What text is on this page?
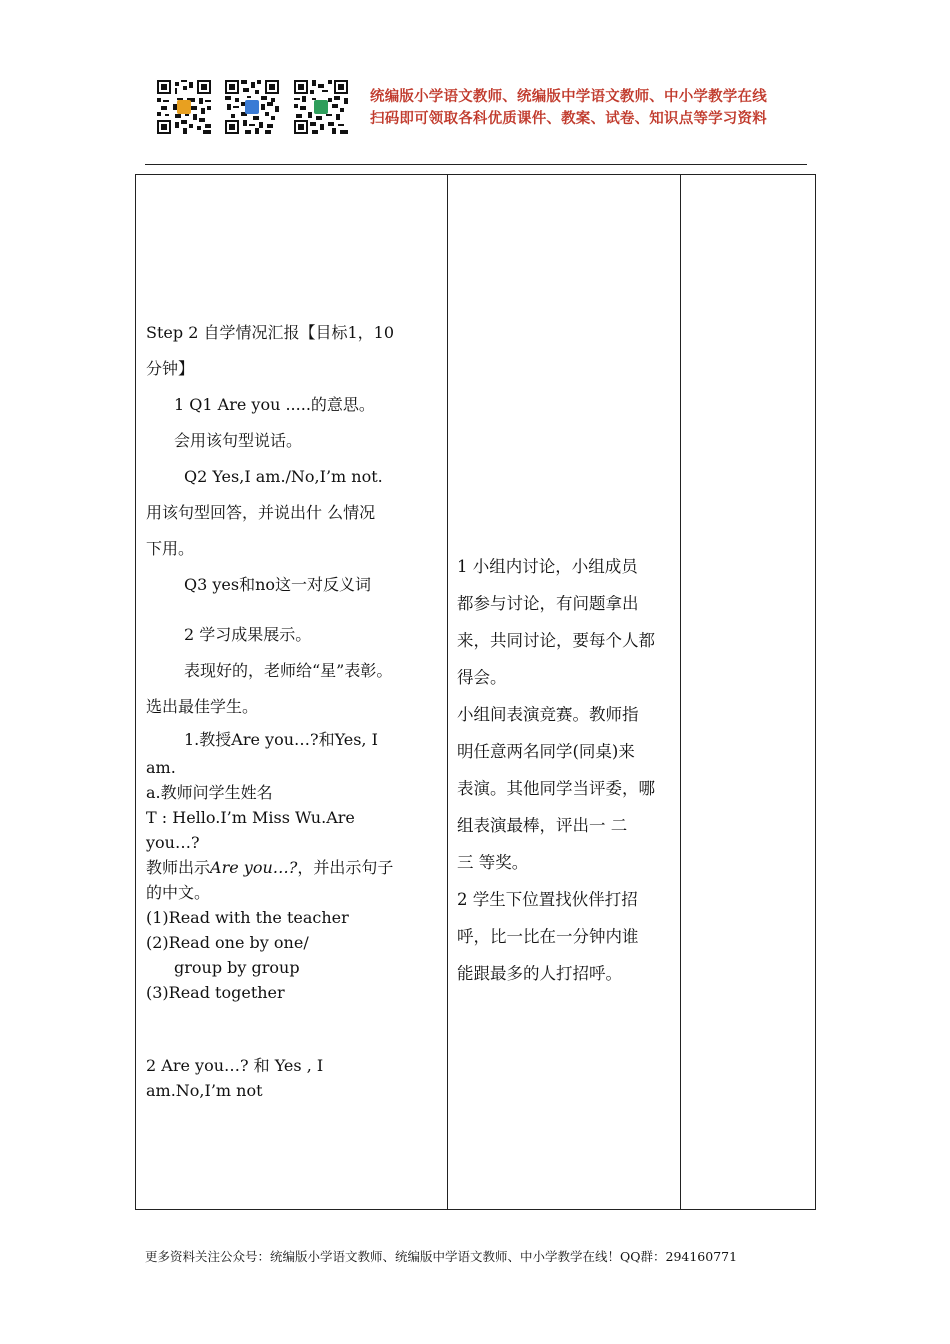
统编版小学语文教师、统编版中学语文教师、中小学教学在线
扫码即可领取各科优质课件、教案、试卷、知识点等学习资料
Step 2 自学情况汇报【目标1，10
分钟】
1 Q1 Are you .....的意思。
会用该句型说话。
Q2 Yes,I am./No,I’m not.
用该句型回答，并说出什 么情况
下用。
Q3 yes和no这一对反义词
2 学习成果展示。
表现好的，老师给“星”表彰。
选出最佳学生。
1.教授Are you…?和Yes, I
am.
a.教师问学生姓名
T : Hello.I’m Miss Wu.Are
you…?
教师出示Are you…?，并出示句子
的中文。
(1)Read with the teacher
(2)Read one by one/
group by group
(3)Read together
2 Are you…? 和 Yes , I
am.No,I’m not
1 小组内讨论，小组成员
都参与讨论，有问题拿出
来，共同讨论，要每个人都
得会。
小组间表演竞赛。教师指
明任意两名同学(同桌)来
表演。其他同学当评委，哪
组表演最棒，评出一 二
三 等奖。
2 学生下位置找伙伴打招
呼，比一比在一分钟内谁
能跟最多的人打招呼。
更多资料关注公众号：统编版小学语文教师、统编版中学语文教师、中小学教学在线！QQ群：294160771
